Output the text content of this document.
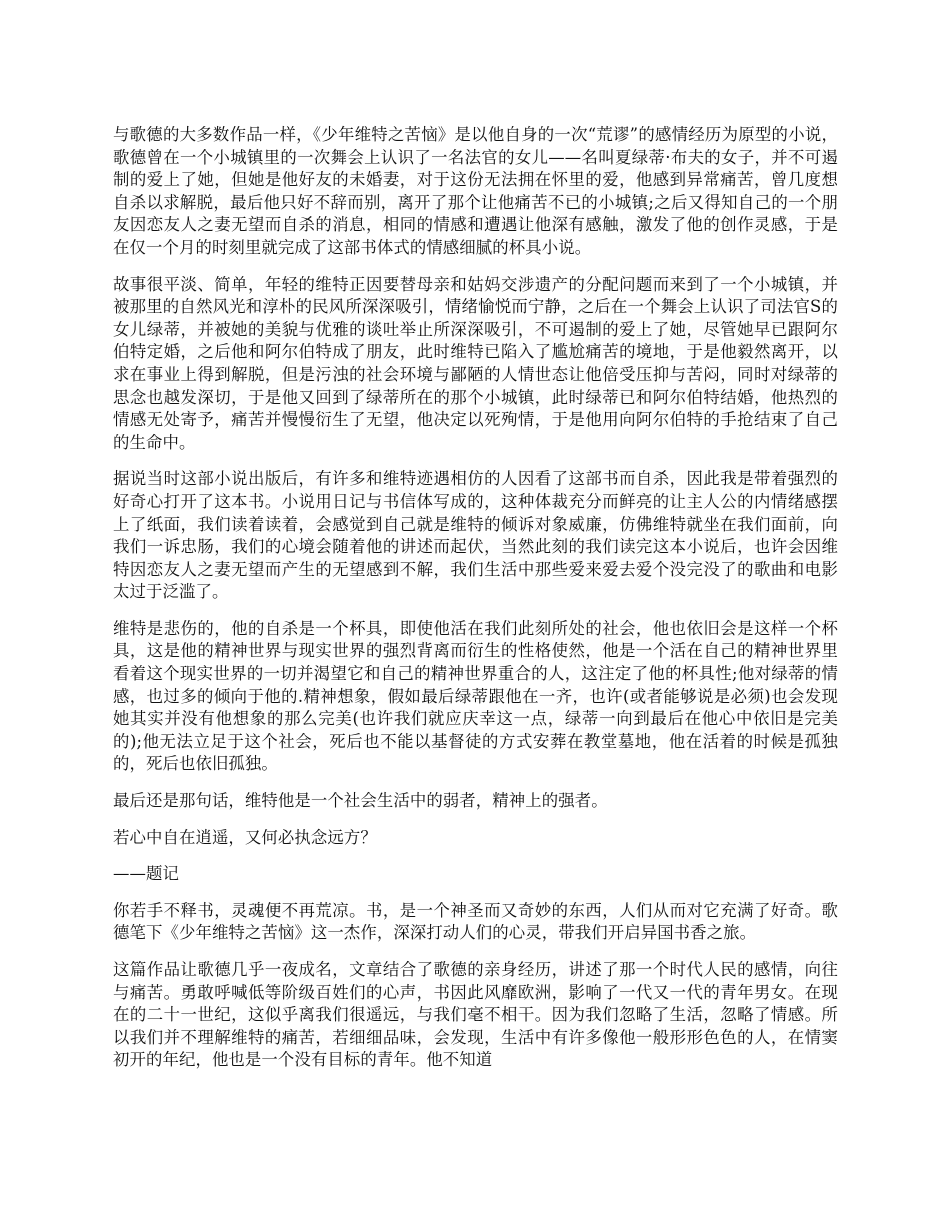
与歌德的大多数作品一样，《少年维特之苦恼》是以他自身的一次“荒谬”的感情经历为原型的小说，歌德曾在一个小城镇里的一次舞会上认识了一名法官的女儿——名叫夏绿蒂·布夫的女子，并不可遏制的爱上了她，但她是他好友的未婚妻，对于这份无法拥在怀里的爱，他感到异常痛苦，曾几度想自杀以求解脱，最后他只好不辞而别，离开了那个让他痛苦不已的小城镇;之后又得知自己的一个朋友因恋友人之妻无望而自杀的消息，相同的情感和遭遇让他深有感触，激发了他的创作灵感，于是在仅一个月的时刻里就完成了这部书体式的情感细腻的杯具小说。

故事很平淡、简单，年轻的维特正因要替母亲和姑妈交涉遗产的分配问题而来到了一个小城镇，并被那里的自然风光和淳朴的民风所深深吸引，情绪愉悦而宁静，之后在一个舞会上认识了司法官S的女儿绿蒂，并被她的美貌与优雅的谈吐举止所深深吸引，不可遏制的爱上了她，尽管她早已跟阿尔伯特定婚，之后他和阿尔伯特成了朋友，此时维特已陷入了尴尬痛苦的境地，于是他毅然离开，以求在事业上得到解脱，但是污浊的社会环境与鄙陋的人情世态让他倍受压抑与苦闷，同时对绿蒂的思念也越发深切，于是他又回到了绿蒂所在的那个小城镇，此时绿蒂已和阿尔伯特结婚，他热烈的情感无处寄予，痛苦并慢慢衍生了无望，他决定以死殉情，于是他用向阿尔伯特的手抢结束了自己的生命中。

据说当时这部小说出版后，有许多和维特迹遇相仿的人因看了这部书而自杀，因此我是带着强烈的好奇心打开了这本书。小说用日记与书信体写成的，这种体裁充分而鲜亮的让主人公的内情绪感摆上了纸面，我们读着读着，会感觉到自己就是维特的倾诉对象威廉，仿佛维特就坐在我们面前，向我们一诉忠肠，我们的心境会随着他的讲述而起伏，当然此刻的我们读完这本小说后，也许会因维特因恋友人之妻无望而产生的无望感到不解，我们生活中那些爱来爱去爱个没完没了的歌曲和电影太过于泛滥了。

维特是悲伤的，他的自杀是一个杯具，即使他活在我们此刻所处的社会，他也依旧会是这样一个杯具，这是他的精神世界与现实世界的强烈背离而衍生的性格使然，他是一个活在自己的精神世界里看着这个现实世界的一切并渴望它和自己的精神世界重合的人，这注定了他的杯具性;他对绿蒂的情感，也过多的倾向于他的.精神想象，假如最后绿蒂跟他在一齐，也许(或者能够说是必须)也会发现她其实并没有他想象的那么完美(也许我们就应庆幸这一点，绿蒂一向到最后在他心中依旧是完美的);他无法立足于这个社会，死后也不能以基督徒的方式安葬在教堂墓地，他在活着的时候是孤独的，死后也依旧孤独。

最后还是那句话，维特他是一个社会生活中的弱者，精神上的强者。

若心中自在逍遥，又何必执念远方？

——题记

你若手不释书，灵魂便不再荒凉。书，是一个神圣而又奇妙的东西，人们从而对它充满了好奇。歌德笔下《少年维特之苦恼》这一杰作，深深打动人们的心灵，带我们开启异国书香之旅。

这篇作品让歌德几乎一夜成名，文章结合了歌德的亲身经历，讲述了那一个时代人民的感情，向往与痛苦。勇敢呼喊低等阶级百姓们的心声，书因此风靡欧洲，影响了一代又一代的青年男女。在现在的二十一世纪，这似乎离我们很遥远，与我们毫不相干。因为我们忽略了生活，忽略了情感。所以我们并不理解维特的痛苦，若细细品味，会发现，生活中有许多像他一般形形色色的人，在情窦初开的年纪，他也是一个没有目标的青年。他不知道
